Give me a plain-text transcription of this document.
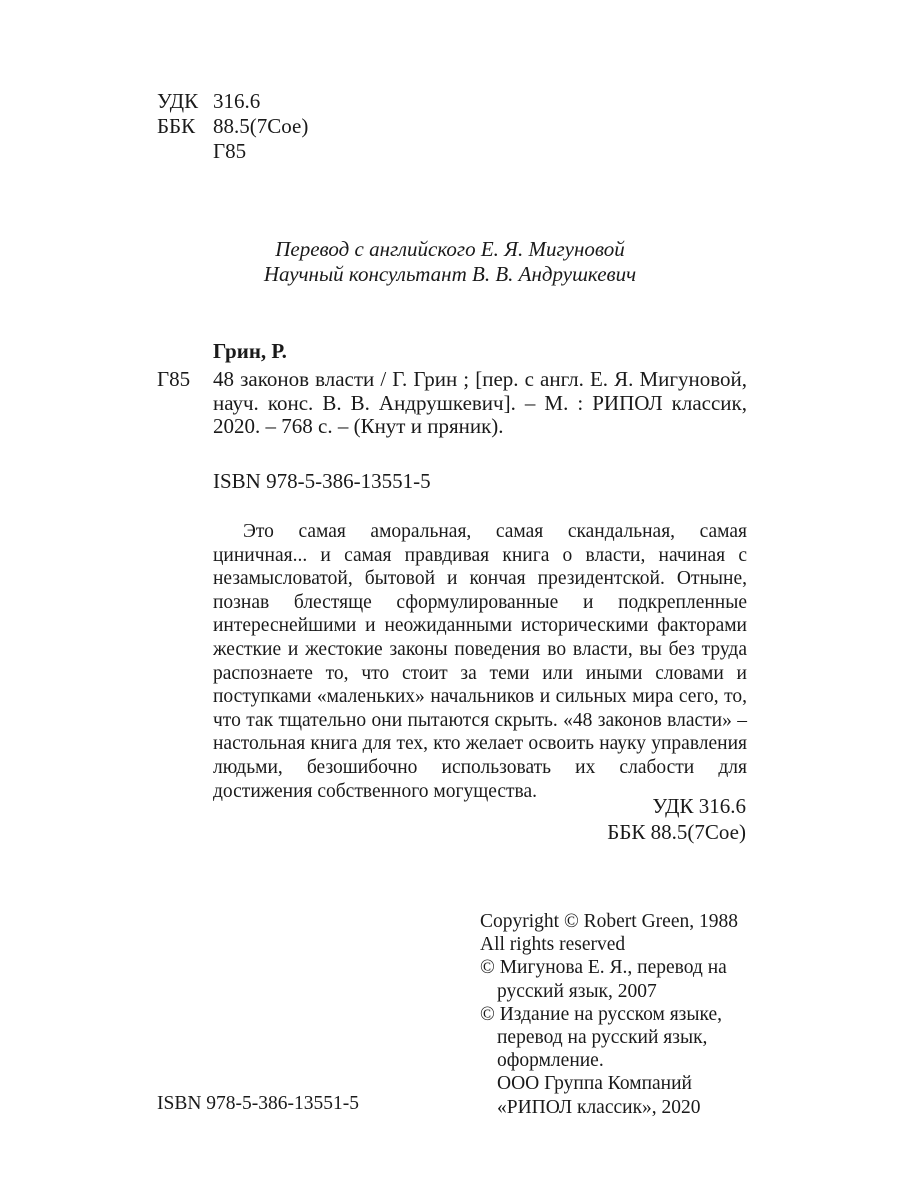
УДК 316.6
ББК 88.5(7Сое)
Г85
Перевод с английского Е. Я. Мигуновой
Научный консультант В. В. Андрушкевич
Грин, Р.
Г85 48 законов власти / Г. Грин ; [пер. с англ. Е. Я. Мигуновой, науч. конс. В. В. Андрушкевич]. – М. : РИПОЛ классик, 2020. – 768 с. – (Кнут и пряник).
ISBN 978-5-386-13551-5

Это самая аморальная, самая скандальная, самая циничная... и самая правдивая книга о власти, начиная с незамысловатой, бытовой и кончая президентской. Отныне, познав блестяще сформулированные и подкрепленные интереснейшими и неожиданными историческими факторами жесткие и жестокие законы поведения во власти, вы без труда распознаете то, что стоит за теми или иными словами и поступками «маленьких» начальников и сильных мира сего, то, что так тщательно они пытаются скрыть. «48 законов власти» – настольная книга для тех, кто желает освоить науку управления людьми, безошибочно использовать их слабости для достижения собственного могущества.

УДК 316.6
ББК 88.5(7Сое)
Copyright © Robert Green, 1988
All rights reserved
© Мигунова Е. Я., перевод на
русский язык, 2007
© Издание на русском языке,
перевод на русский язык,
оформление.
ООО Группа Компаний
«РИПОЛ классик», 2020
ISBN 978-5-386-13551-5
